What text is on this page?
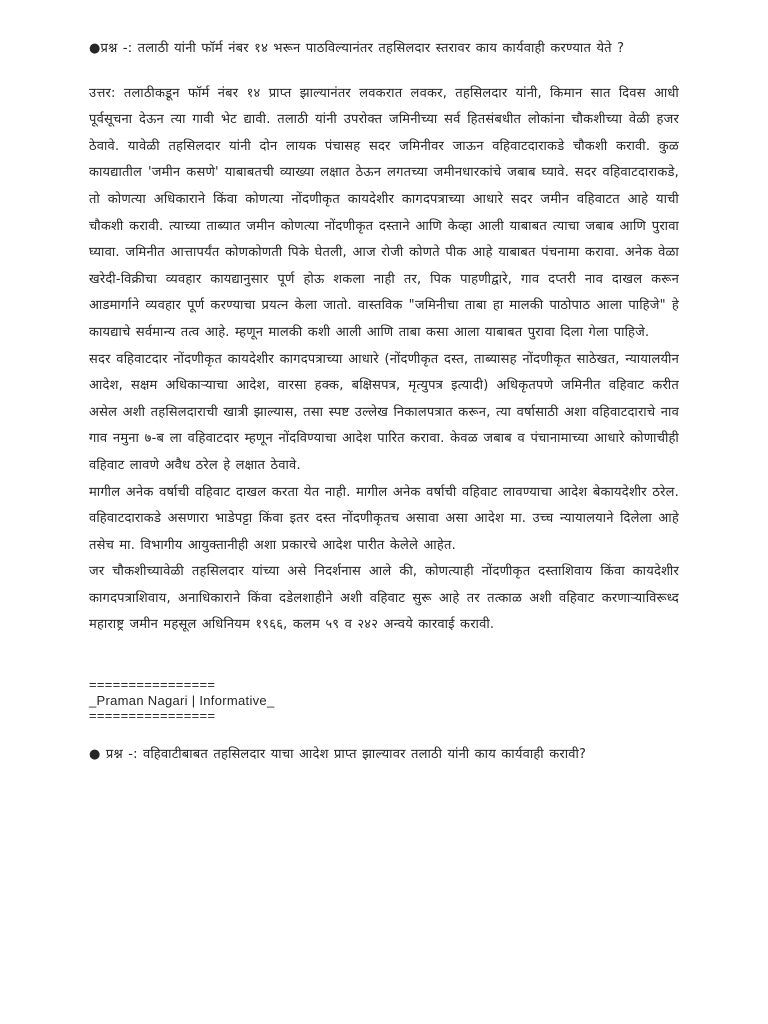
●प्रश्न -: तलाठी यांनी फॉर्म नंबर १४ भरून पाठविल्यानंतर तहसिलदार स्तरावर काय कार्यवाही करण्यात येते ?

उत्तर: तलाठीकडून फॉर्म नंबर १४ प्राप्त झाल्यानंतर लवकरात लवकर, तहसिलदार यांनी, किमान सात दिवस आधी पूर्वसूचना देऊन त्या गावी भेट द्यावी. तलाठी यांनी उपरोक्त जमिनीच्या सर्व हितसंबधीत लोकांना चौकशीच्या वेळी हजर ठेवावे. यावेळी तहसिलदार यांनी दोन लायक पंचासह सदर जमिनीवर जाऊन वहिवाटदाराकडे चौकशी करावी. कुळ कायद्यातील 'जमीन कसणे' याबाबतची व्याख्या लक्षात ठेऊन लगतच्या जमीनधारकांचे जबाब घ्यावे. सदर वहिवाटदाराकडे, तो कोणत्या अधिकाराने किंवा कोणत्या नोंदणीकृत कायदेशीर कागदपत्राच्या आधारे सदर जमीन वहिवाटत आहे याची चौकशी करावी. त्याच्या ताब्यात जमीन कोणत्या नोंदणीकृत दस्ताने आणि केव्हा आली याबाबत त्याचा जबाब आणि पुरावा घ्यावा. जमिनीत आत्तापर्यंत कोणकोणती पिके घेतली, आज रोजी कोणते पीक आहे याबाबत पंचनामा करावा. अनेक वेळा खरेदी-विक्रीचा व्यवहार कायद्यानुसार पूर्ण होऊ शकला नाही तर, पिक पाहणीद्वारे, गाव दप्तरी नाव दाखल करून आडमार्गाने व्यवहार पूर्ण करण्याचा प्रयत्न केला जातो. वास्तविक "जमिनीचा ताबा हा मालकी पाठोपाठ आला पाहिजे" हे कायद्याचे सर्वमान्य तत्व आहे. म्हणून मालकी कशी आली आणि ताबा कसा आला याबाबत पुरावा दिला गेला पाहिजे.

सदर वहिवाटदार नोंदणीकृत कायदेशीर कागदपत्राच्या आधारे (नोंदणीकृत दस्त, ताब्यासह नोंदणीकृत साठेखत, न्यायालयीन आदेश, सक्षम अधिकाऱ्याचा आदेश, वारसा हक्क, बक्षिसपत्र, मृत्युपत्र इत्यादी) अधिकृतपणे जमिनीत वहिवाट करीत असेल अशी तहसिलदाराची खात्री झाल्यास, तसा स्पष्ट उल्लेख निकालपत्रात करून, त्या वर्षासाठी अशा वहिवाटदाराचे नाव गाव नमुना ७-ब ला वहिवाटदार म्हणून नोंदविण्याचा आदेश पारित करावा. केवळ जबाब व पंचानामाच्या आधारे कोणाचीही वहिवाट लावणे अवैध ठरेल हे लक्षात ठेवावे.

मागील अनेक वर्षाची वहिवाट दाखल करता येत नाही. मागील अनेक वर्षाची वहिवाट लावण्याचा आदेश बेकायदेशीर ठरेल. वहिवाटदाराकडे असणारा भाडेपट्टा किंवा इतर दस्त नोंदणीकृतच असावा असा आदेश मा. उच्च न्यायालयाने दिलेला आहे तसेच मा. विभागीय आयुक्तानीही अशा प्रकारचे आदेश पारीत केलेले आहेत.

जर चौकशीच्यावेळी तहसिलदार यांच्या असे निदर्शनास आले की, कोणत्याही नोंदणीकृत दस्ताशिवाय किंवा कायदेशीर कागदपत्राशिवाय, अनाधिकाराने किंवा दडेलशाहीने अशी वहिवाट सुरू आहे तर तत्काळ अशी वहिवाट करणाऱ्याविरूध्द महाराष्ट्र जमीन महसूल अधिनियम १९६६, कलम ५९ व २४२ अन्वये कारवाई करावी.

================
_Praman Nagari | Informative_
================

● प्रश्न -: वहिवाटीबाबत तहसिलदार याचा आदेश प्राप्त झाल्यावर तलाठी यांनी काय कार्यवाही करावी?
